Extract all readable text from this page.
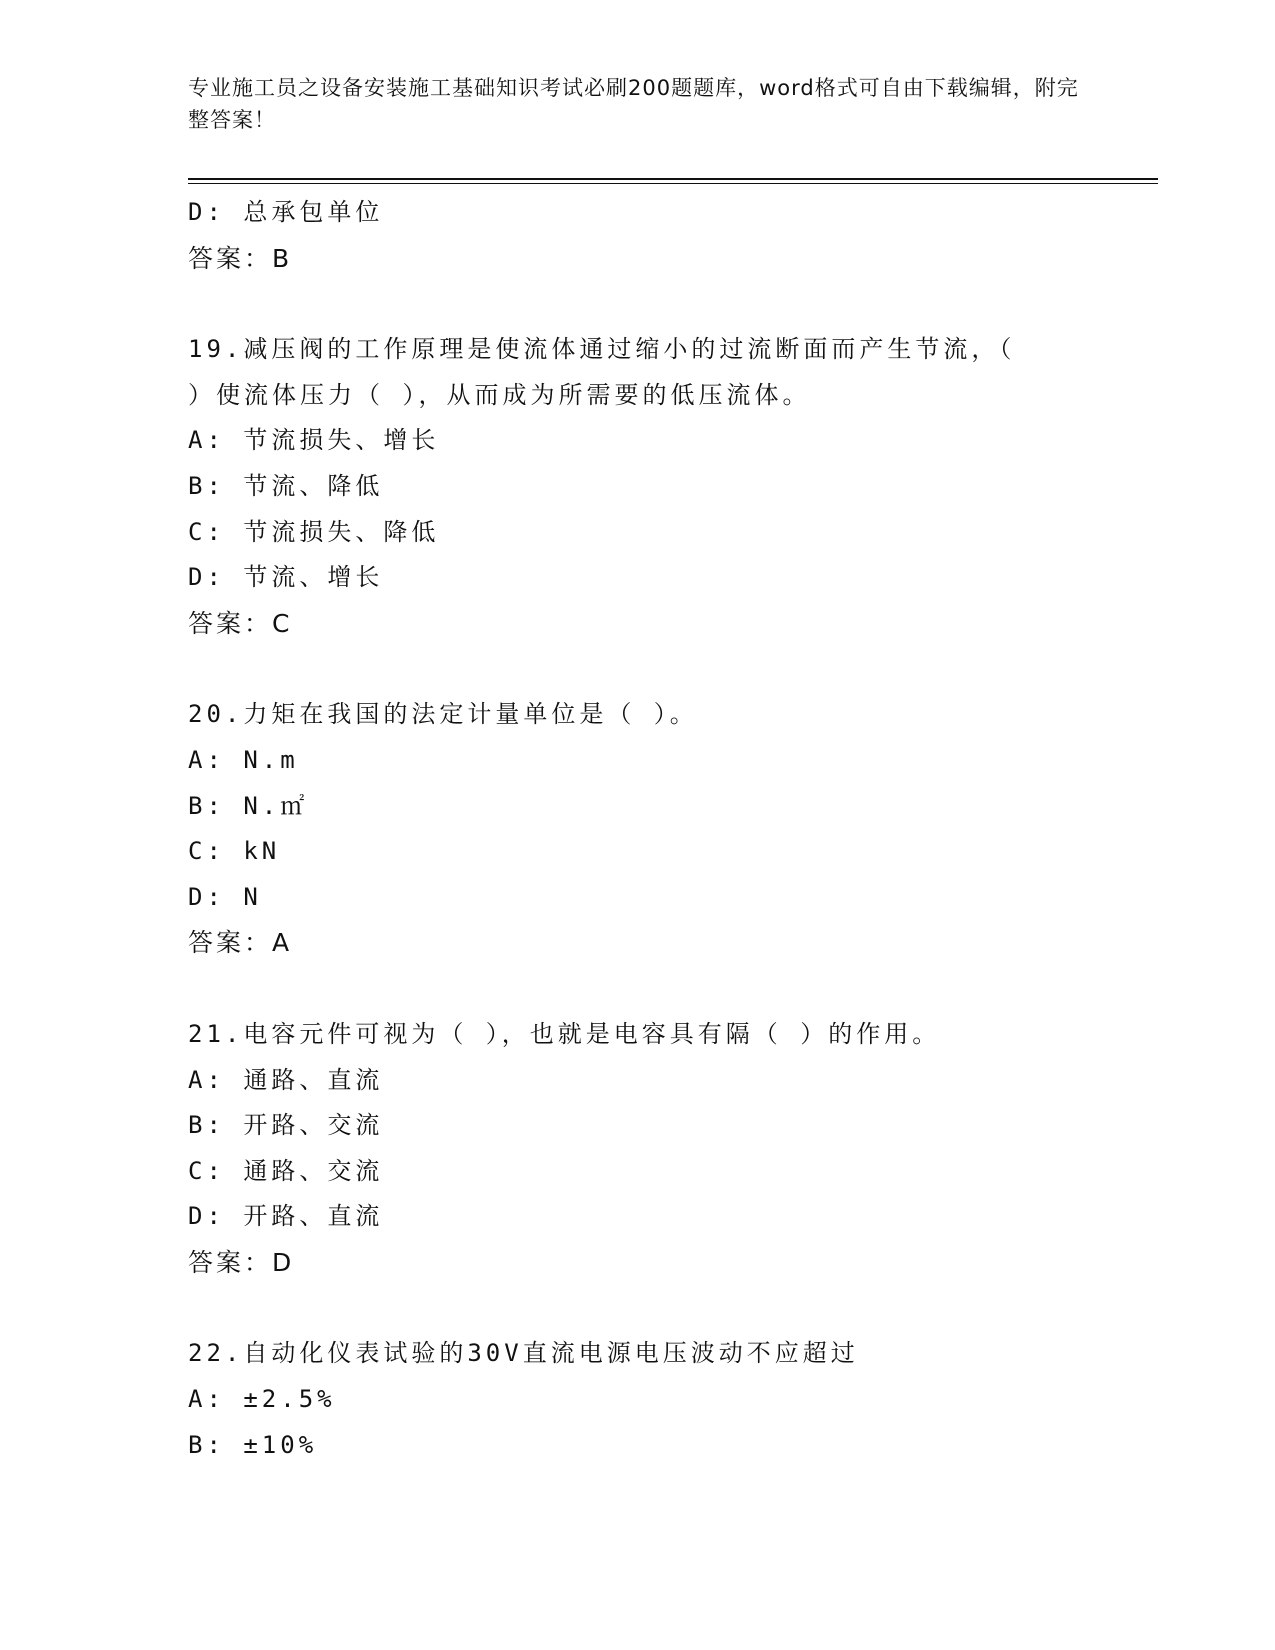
专业施工员之设备安装施工基础知识考试必刷200题题库，word格式可自由下载编辑，附完整答案！
D: 总承包单位
答案：B
19.减压阀的工作原理是使流体通过缩小的过流断面而产生节流，（
）使流体压力（ ），从而成为所需要的低压流体。
A: 节流损失、增长
B: 节流、降低
C: 节流损失、降低
D: 节流、增长
答案：C
20.力矩在我国的法定计量单位是（ ）。
A: N.m
B: N.㎡
C: kN
D: N
答案：A
21.电容元件可视为（ ），也就是电容具有隔（ ）的作用。
A: 通路、直流
B: 开路、交流
C: 通路、交流
D: 开路、直流
答案：D
22.自动化仪表试验的30V直流电源电压波动不应超过
A: ±2.5%
B: ±10%
